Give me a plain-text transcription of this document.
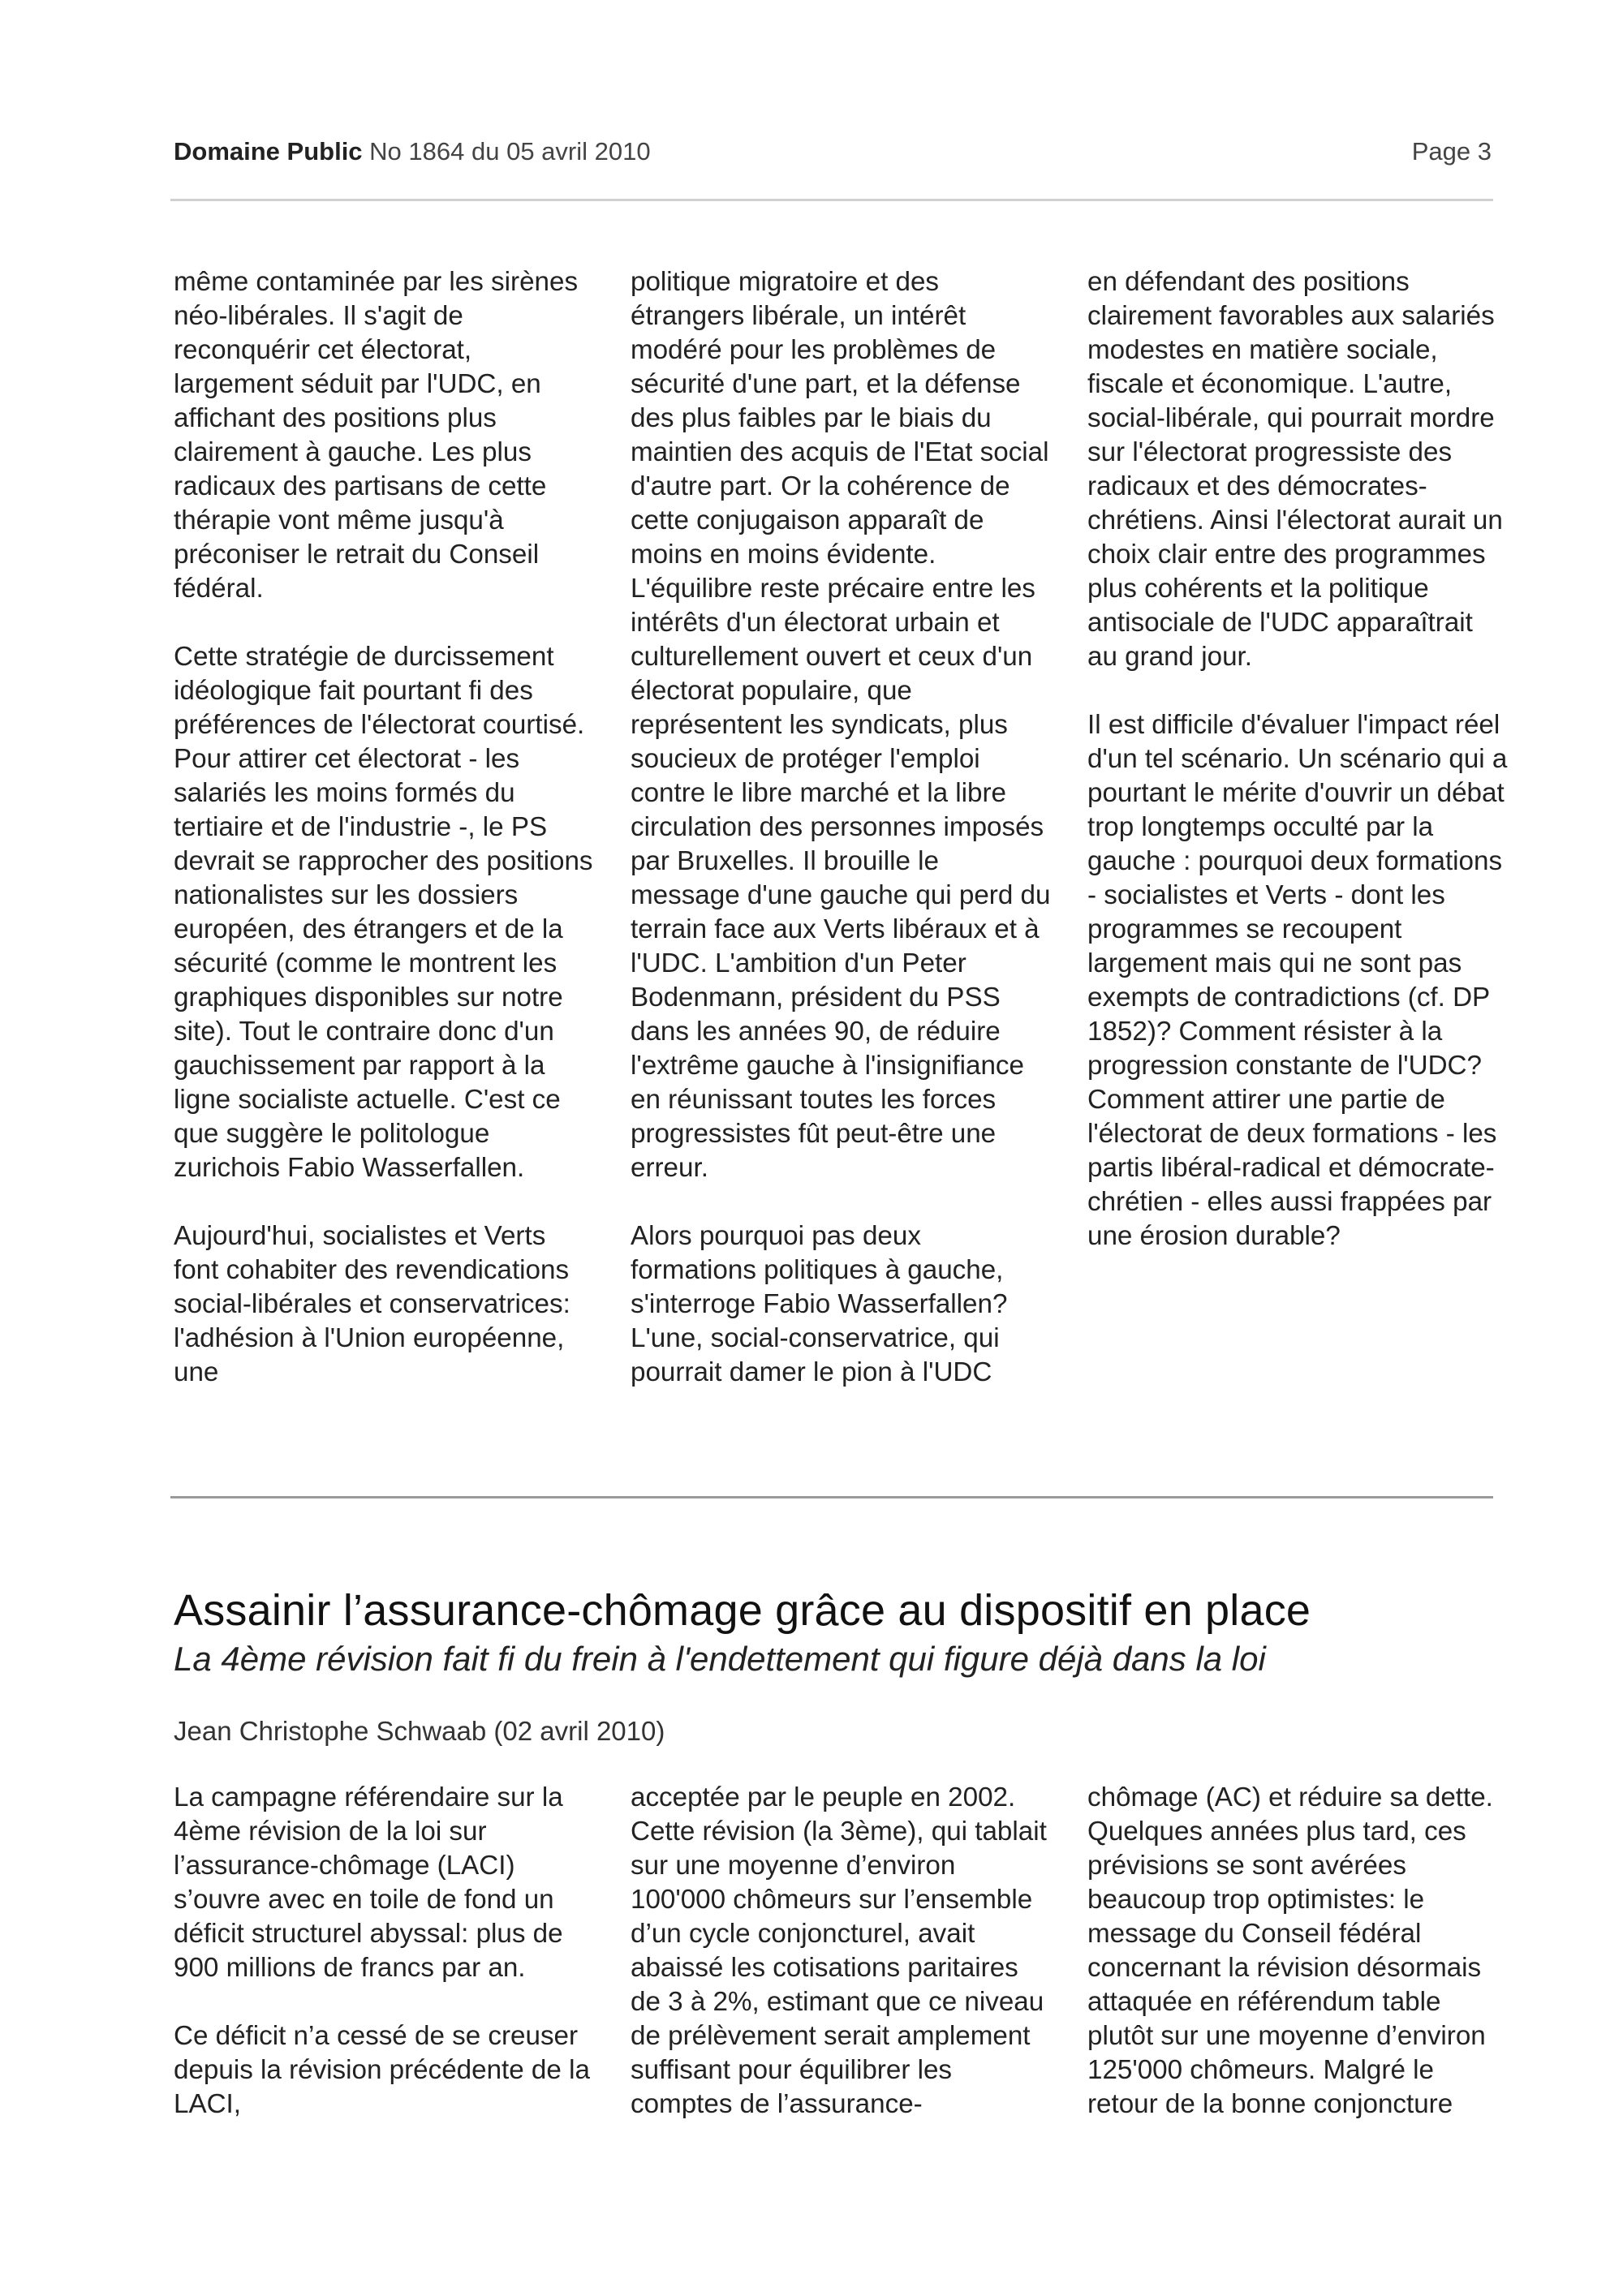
Domaine Public No 1864 du 05 avril 2010	Page 3

même contaminée par les sirènes néo-libérales. Il s'agit de reconquérir cet électorat, largement séduit par l'UDC, en affichant des positions plus clairement à gauche. Les plus radicaux des partisans de cette thérapie vont même jusqu'à préconiser le retrait du Conseil fédéral.

Cette stratégie de durcissement idéologique fait pourtant fi des préférences de l'électorat courtisé. Pour attirer cet électorat - les salariés les moins formés du tertiaire et de l'industrie -, le PS devrait se rapprocher des positions nationalistes sur les dossiers européen, des étrangers et de la sécurité (comme le montrent les graphiques disponibles sur notre site). Tout le contraire donc d'un gauchissement par rapport à la ligne socialiste actuelle. C'est ce que suggère le politologue zurichois Fabio Wasserfallen.

Aujourd'hui, socialistes et Verts font cohabiter des revendications social-libérales et conservatrices: l'adhésion à l'Union européenne, une

politique migratoire et des étrangers libérale, un intérêt modéré pour les problèmes de sécurité d'une part, et la défense des plus faibles par le biais du maintien des acquis de l'Etat social d'autre part. Or la cohérence de cette conjugaison apparaît de moins en moins évidente. L'équilibre reste précaire entre les intérêts d'un électorat urbain et culturellement ouvert et ceux d'un électorat populaire, que représentent les syndicats, plus soucieux de protéger l'emploi contre le libre marché et la libre circulation des personnes imposés par Bruxelles. Il brouille le message d'une gauche qui perd du terrain face aux Verts libéraux et à l'UDC. L'ambition d'un Peter Bodenmann, président du PSS dans les années 90, de réduire l'extrême gauche à l'insignifiance en réunissant toutes les forces progressistes fût peut-être une erreur.

Alors pourquoi pas deux formations politiques à gauche, s'interroge Fabio Wasserfallen? L'une, social-conservatrice, qui pourrait damer le pion à l'UDC

en défendant des positions clairement favorables aux salariés modestes en matière sociale, fiscale et économique. L'autre, social-libérale, qui pourrait mordre sur l'électorat progressiste des radicaux et des démocrates-chrétiens. Ainsi l'électorat aurait un choix clair entre des programmes plus cohérents et la politique antisociale de l'UDC apparaîtrait au grand jour.

Il est difficile d'évaluer l'impact réel d'un tel scénario. Un scénario qui a pourtant le mérite d'ouvrir un débat trop longtemps occulté par la gauche : pourquoi deux formations - socialistes et Verts - dont les programmes se recoupent largement mais qui ne sont pas exempts de contradictions (cf. DP 1852)? Comment résister à la progression constante de l'UDC? Comment attirer une partie de l'électorat de deux formations - les partis libéral-radical et démocrate-chrétien - elles aussi frappées par une érosion durable?

Assainir l’assurance-chômage grâce au dispositif en place
La 4ème révision fait fi du frein à l'endettement qui figure déjà dans la loi
Jean Christophe Schwaab (02 avril 2010)

La campagne référendaire sur la 4ème révision de la loi sur l’assurance-chômage (LACI) s’ouvre avec en toile de fond un déficit structurel abyssal: plus de 900 millions de francs par an.

Ce déficit n’a cessé de se creuser depuis la révision précédente de la LACI,

acceptée par le peuple en 2002. Cette révision (la 3ème), qui tablait sur une moyenne d’environ 100'000 chômeurs sur l’ensemble d’un cycle conjoncturel, avait abaissé les cotisations paritaires de 3 à 2%, estimant que ce niveau de prélèvement serait amplement suffisant pour équilibrer les comptes de l’assurance-

chômage (AC) et réduire sa dette. Quelques années plus tard, ces prévisions se sont avérées beaucoup trop optimistes: le message du Conseil fédéral concernant la révision désormais attaquée en référendum table plutôt sur une moyenne d’environ 125'000 chômeurs. Malgré le retour de la bonne conjoncture
